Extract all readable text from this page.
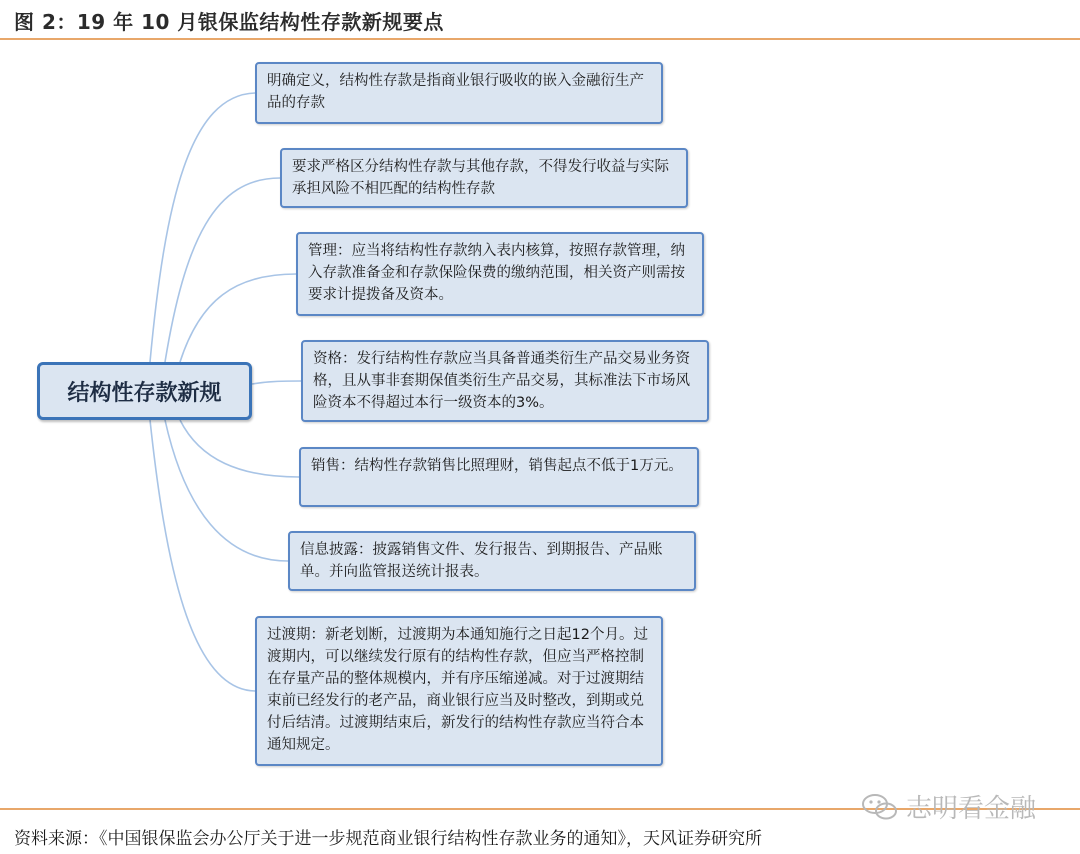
图 2：19 年 10 月银保监结构性存款新规要点
结构性存款新规
明确定义，结构性存款是指商业银行吸收的嵌入金融衍生产品的存款
要求严格区分结构性存款与其他存款，不得发行收益与实际承担风险不相匹配的结构性存款
管理：应当将结构性存款纳入表内核算，按照存款管理，纳入存款准备金和存款保险保费的缴纳范围，相关资产则需按要求计提拨备及资本。
资格：发行结构性存款应当具备普通类衍生产品交易业务资格，且从事非套期保值类衍生产品交易，其标准法下市场风险资本不得超过本行一级资本的3%。
销售：结构性存款销售比照理财，销售起点不低于1万元。
信息披露：披露销售文件、发行报告、到期报告、产品账单。并向监管报送统计报表。
过渡期：新老划断，过渡期为本通知施行之日起12个月。过渡期内，可以继续发行原有的结构性存款，但应当严格控制在存量产品的整体规模内，并有序压缩递减。对于过渡期结束前已经发行的老产品，商业银行应当及时整改，到期或兑付后结清。过渡期结束后，新发行的结构性存款应当符合本通知规定。
志明看金融
资料来源：《中国银保监会办公厅关于进一步规范商业银行结构性存款业务的通知》，天风证券研究所
